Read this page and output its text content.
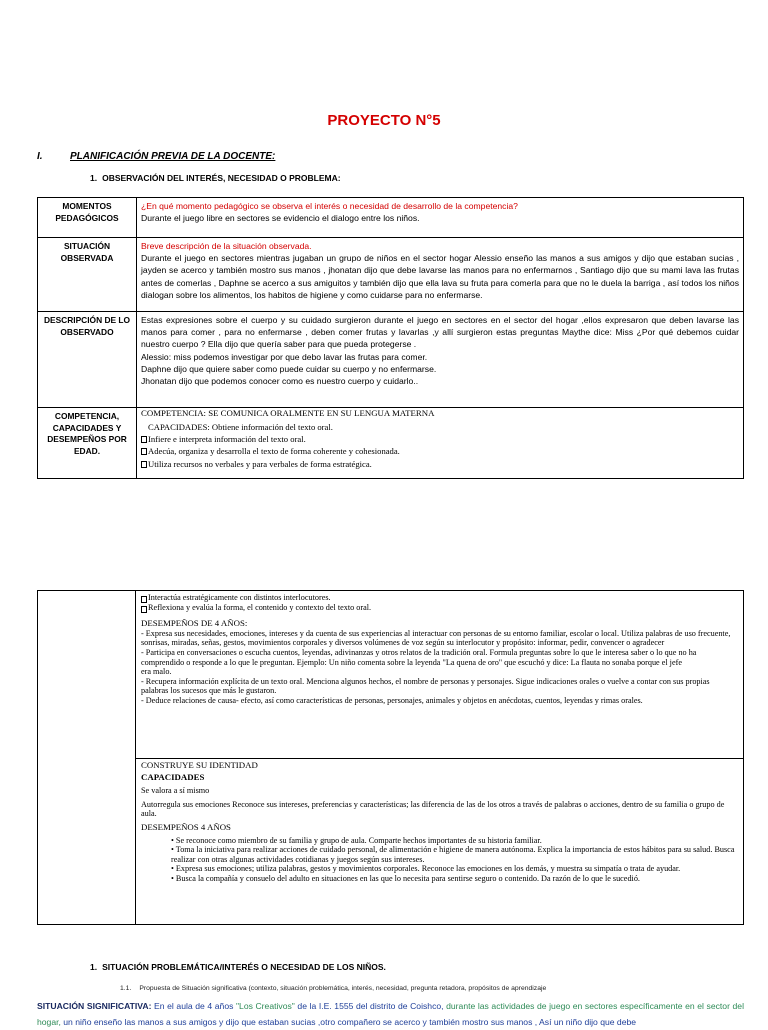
PROYECTO N°5
I.	PLANIFICACIÓN PREVIA DE LA DOCENTE:
1. OBSERVACIÓN DEL INTERÉS, NECESIDAD O PROBLEMA:
MOMENTOS PEDAGÓGICOS	¿En qué momento pedagógico se observa el interés o necesidad de desarrollo de la competencia?
Durante el juego libre en sectores se evidencio el dialogo entre los niños.

SITUACIÓN OBSERVADA	Breve descripción de la situación observada.
Durante el juego en sectores mientras jugaban un grupo de niños en el sector hogar Alessio enseño las manos a sus amigos y dijo que estaban sucias , jayden se acerco y también mostro sus manos , jhonatan dijo que debe lavarse las manos para no enfermarnos , Santiago dijo que su mami lava las frutas antes de comerlas , Daphne se acerco a sus amiguitos y también dijo que ella lava su fruta para comerla para que no le duela la barriga , así todos los niños dialogan sobre los alimentos, los habitos de higiene y como cuidarse para no enfermarse.

DESCRIPCIÓN DE LO OBSERVADO	Estas expresiones sobre el cuerpo y su cuidado surgieron durante el juego en sectores en el sector del hogar ,ellos expresaron que deben lavarse las manos para comer , para no enfermarse , deben comer frutas y lavarlas ,y allí surgieron estas preguntas Maythe dice: Miss ¿Por qué debemos cuidar nuestro cuerpo ? Ella dijo que quería saber para que pueda protegerse .
Alessio: miss podemos investigar por que debo lavar las frutas para comer.
Daphne dijo que quiere saber como puede cuidar su cuerpo y no enfermarse.
Jhonatan dijo que podemos conocer como es nuestro cuerpo y cuidarlo..

COMPETENCIA, CAPACIDADES Y DESEMPEÑOS POR EDAD.	COMPETENCIA: SE COMUNICA ORALMENTE EN SU LENGUA MATERNA
CAPACIDADES: Obtiene información del texto oral.
Infiere e interpreta información del texto oral.
Adecúa, organiza y desarrolla el texto de forma coherente y cohesionada.
Utiliza recursos no verbales y para verbales de forma estratégica.
Interactúa estratégicamente con distintos interlocutores.
Reflexiona y evalúa la forma, el contenido y contexto del texto oral.
DESEMPEÑOS DE 4 AÑOS:
- Expresa sus necesidades, emociones, intereses y da cuenta de sus experiencias al interactuar con personas de su entorno familiar, escolar o local. Utiliza palabras de uso frecuente, sonrisas, miradas, señas, gestos, movimientos corporales y diversos volúmenes de voz según su interlocutor y propósito: informar, pedir, convencer o agradecer
- Participa en conversaciones o escucha cuentos, leyendas, adivinanzas y otros relatos de la tradición oral. Formula preguntas sobre lo que le interesa saber o lo que no ha comprendido o responde a lo que le preguntan. Ejemplo: Un niño comenta sobre la leyenda "La quena de oro" que escuchó y dice: La flauta no sonaba porque el jefe
era malo.
- Recupera información explícita de un texto oral. Menciona algunos hechos, el nombre de personas y personajes. Sigue indicaciones orales o vuelve a contar con sus propias palabras los sucesos que más le gustaron.
- Deduce relaciones de causa- efecto, así como características de personas, personajes, animales y objetos en anécdotas, cuentos, leyendas y rimas orales.
CONSTRUYE SU IDENTIDAD
CAPACIDADES
Se valora a sí mismo
Autorregula sus emociones Reconoce sus intereses, preferencias y características; las diferencia de las de los otros a través de palabras o acciones, dentro de su familia o grupo de aula.
DESEMPEÑOS 4 AÑOS
• Se reconoce como miembro de su familia y grupo de aula. Comparte hechos importantes de su historia familiar.
• Toma la iniciativa para realizar acciones de cuidado personal, de alimentación e higiene de manera autónoma. Explica la importancia de estos hábitos para su salud. Busca realizar con otras algunas actividades cotidianas y juegos según sus intereses.
• Expresa sus emociones; utiliza palabras, gestos y movimientos corporales. Reconoce las emociones en los demás, y muestra su simpatía o trata de ayudar.
• Busca la compañía y consuelo del adulto en situaciones en las que lo necesita para sentirse seguro o contenido. Da razón de lo que le sucedió.
1. SITUACIÓN PROBLEMÁTICA/INTERÉS O NECESIDAD DE LOS NIÑOS.
1.1. Propuesta de Situación significativa (contexto, situación problemática, interés, necesidad, pregunta retadora, propósitos de aprendizaje
SITUACIÓN SIGNIFICATIVA: En el aula de 4 años "Los Creativos" de la I.E. 1555 del distrito de Coishco, durante las actividades de juego en sectores específicamente en el sector del hogar, un niño enseño las manos a sus amigos y dijo que estaban sucias ,otro compañero se acerco y también mostro sus manos , Así un niño dijo que debe
